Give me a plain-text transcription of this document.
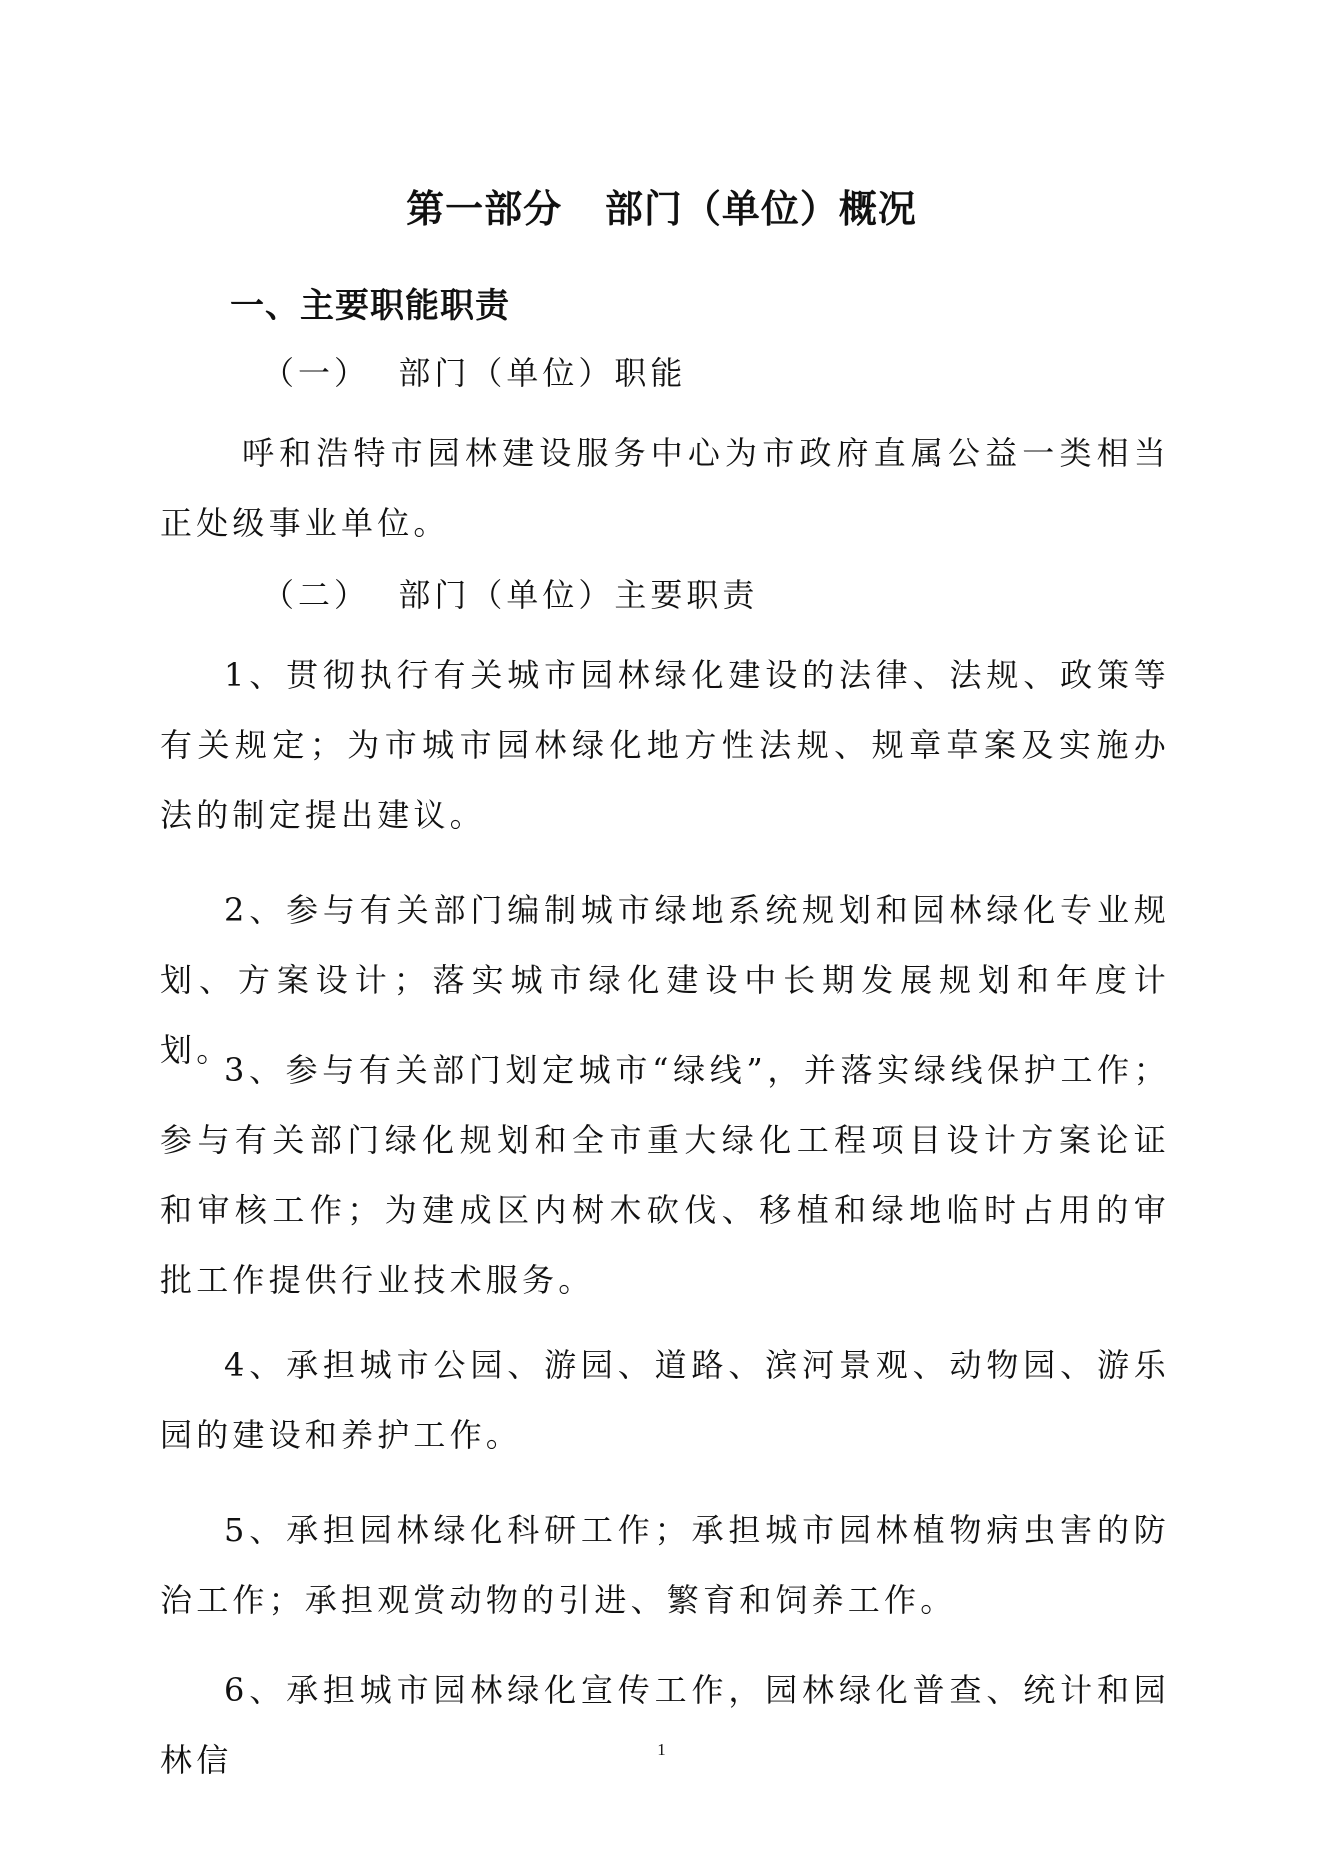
第一部分   部门（单位）概况
一、主要职能职责
（一）  部门（单位）职能
呼和浩特市园林建设服务中心为市政府直属公益一类相当正处级事业单位。
（二）  部门（单位）主要职责
1、贯彻执行有关城市园林绿化建设的法律、法规、政策等有关规定；为市城市园林绿化地方性法规、规章草案及实施办法的制定提出建议。
2、参与有关部门编制城市绿地系统规划和园林绿化专业规划、方案设计；落实城市绿化建设中长期发展规划和年度计划。
3、参与有关部门划定城市“绿线”，并落实绿线保护工作；参与有关部门绿化规划和全市重大绿化工程项目设计方案论证和审核工作；为建成区内树木砍伐、移植和绿地临时占用的审批工作提供行业技术服务。
4、承担城市公园、游园、道路、滨河景观、动物园、游乐园的建设和养护工作。
5、承担园林绿化科研工作；承担城市园林植物病虫害的防治工作；承担观赏动物的引进、繁育和饲养工作。
6、承担城市园林绿化宣传工作，园林绿化普查、统计和园林信	1
